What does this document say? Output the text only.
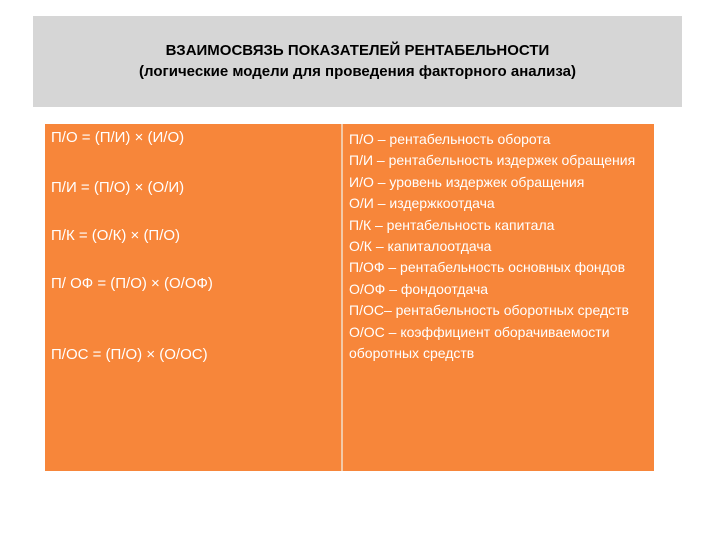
ВЗАИМОСВЯЗЬ ПОКАЗАТЕЛЕЙ РЕНТАБЕЛЬНОСТИ
(логические модели для проведения факторного анализа)
П/О = (П/И) × (И/О)
П/И = (П/О) × (О/И)
П/К = (О/К) × (П/О)
П/ ОФ = (П/О) × (О/ОФ)
П/ОС = (П/О) × (О/ОС)
П/О – рентабельность оборота
П/И – рентабельность издержек обращения
И/О – уровень издержек обращения
О/И – издержкоотдача
П/К – рентабельность капитала
О/К – капиталоотдача
П/ОФ – рентабельность основных фондов
О/ОФ – фондоотдача
П/ОС– рентабельность оборотных средств
О/ОС – коэффициент оборачиваемости оборотных средств
